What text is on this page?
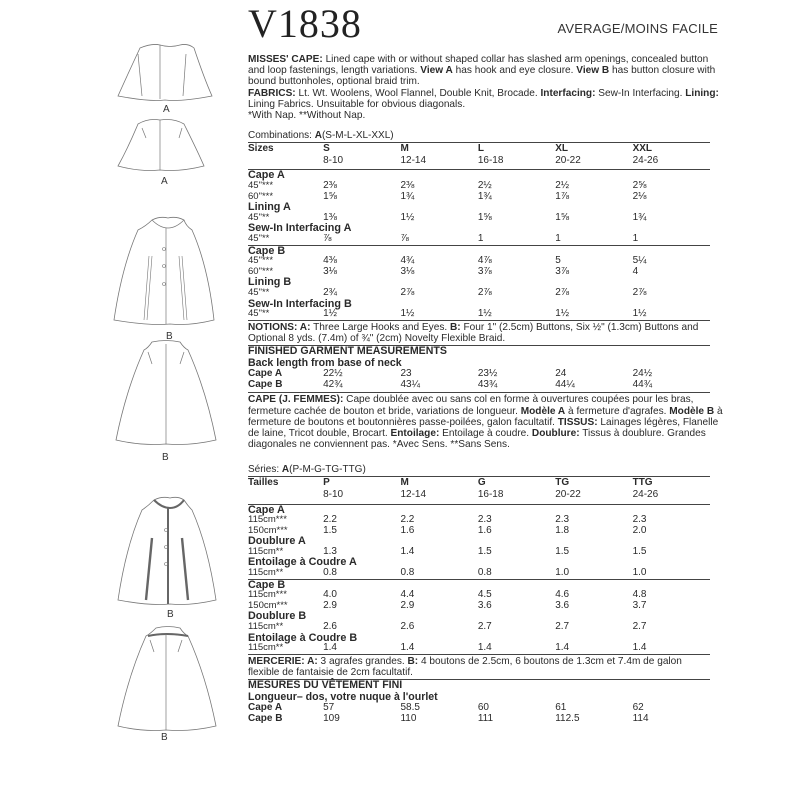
A
A
B
B
B
B
V1838	AVERAGE/MOINS FACILE

MISSES' CAPE: Lined cape with or without shaped collar has slashed arm openings, concealed button and loop fastenings, length variations. View A has hook and eye closure. View B has button closure with bound buttonholes, optional braid trim.
FABRICS: Lt. Wt. Woolens, Wool Flannel, Double Knit, Brocade. Interfacing: Sew-In Interfacing. Lining: Lining Fabrics. Unsuitable for obvious diagonals.
*With Nap. **Without Nap.

Combinations: A(S-M-L-XL-XXL)
Sizes	S	M	L	XL	XXL
	8-10	12-14	16-18	20-22	24-26
Cape A					
45"***	2⅜	2⅜	2½	2½	2⅝
60"***	1⅝	1¾	1¾	1⅞	2⅛
Lining A					
45"**	1⅜	1½	1⅝	1⅝	1¾
Sew-In Interfacing A					
45"**	⅞	⅞	1	1	1
Cape B					
45"***	4⅜	4¾	4⅞	5	5¼
60"***	3⅛	3⅛	3⅞	3⅞	4
Lining B					
45"**	2¾	2⅞	2⅞	2⅞	2⅞
Sew-In Interfacing B					
45"**	1½	1½	1½	1½	1½
NOTIONS: A: Three Large Hooks and Eyes. B: Four 1" (2.5cm) Buttons, Six ½" (1.3cm) Buttons and Optional 8 yds. (7.4m) of ¾" (2cm) Novelty Flexible Braid.
FINISHED GARMENT MEASUREMENTS
Back length from base of neck
Cape A	22½	23	23½	24	24½
Cape B	42¾	43¼	43¾	44¼	44¾

CAPE (J. FEMMES): Cape doublée avec ou sans col en forme à ouvertures coupées pour les bras, fermeture cachée de bouton et bride, variations de longueur. Modèle A à fermeture d'agrafes. Modèle B à fermeture de boutons et boutonnières passe-poilées, galon facultatif. TISSUS: Lainages légères, Flanelle de laine, Tricot double, Brocart. Entoilage: Entoilage à coudre. Doublure: Tissus à doublure. Grandes diagonales ne conviennent pas. *Avec Sens. **Sans Sens.

Séries: A(P-M-G-TG-TTG)
Tailles	P	M	G	TG	TTG
	8-10	12-14	16-18	20-22	24-26
Cape A					
115cm***	2.2	2.2	2.3	2.3	2.3
150cm***	1.5	1.6	1.6	1.8	2.0
Doublure A					
115cm**	1.3	1.4	1.5	1.5	1.5
Entoilage à Coudre A					
115cm**	0.8	0.8	0.8	1.0	1.0
Cape B					
115cm***	4.0	4.4	4.5	4.6	4.8
150cm***	2.9	2.9	3.6	3.6	3.7
Doublure B					
115cm**	2.6	2.6	2.7	2.7	2.7
Entoilage à Coudre B					
115cm**	1.4	1.4	1.4	1.4	1.4
MERCERIE: A: 3 agrafes grandes. B: 4 boutons de 2.5cm, 6 boutons de 1.3cm et 7.4m de galon flexible de fantaisie de 2cm facultatif.
MESURES DU VÊTEMENT FINI
Longueur– dos, votre nuque à l'ourlet
Cape A	57	58.5	60	61	62
Cape B	109	110	111	112.5	114
